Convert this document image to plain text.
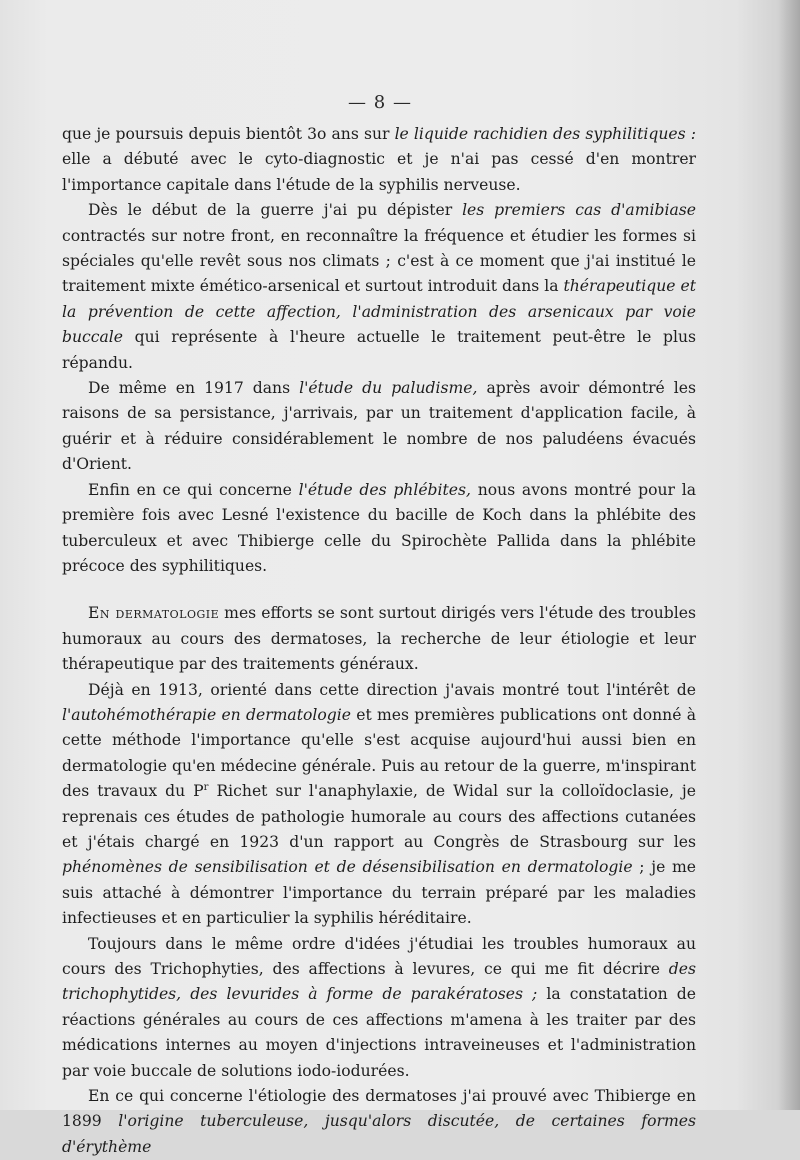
— 8 —

que je poursuis depuis bientôt 3o ans sur le liquide rachidien des syphilitiques : elle a débuté avec le cyto-diagnostic et je n'ai pas cessé d'en montrer l'importance capitale dans l'étude de la syphilis nerveuse.

Dès le début de la guerre j'ai pu dépister les premiers cas d'amibiase contractés sur notre front, en reconnaître la fréquence et étudier les formes si spéciales qu'elle revêt sous nos climats ; c'est à ce moment que j'ai institué le traitement mixte émético-arsenical et surtout introduit dans la thérapeutique et la prévention de cette affection, l'administration des arsenicaux par voie buccale qui représente à l'heure actuelle le traitement peut-être le plus répandu.

De même en 1917 dans l'étude du paludisme, après avoir démontré les raisons de sa persistance, j'arrivais, par un traitement d'application facile, à guérir et à réduire considérablement le nombre de nos paludéens évacués d'Orient.

Enfin en ce qui concerne l'étude des phlébites, nous avons montré pour la première fois avec Lesné l'existence du bacille de Koch dans la phlébite des tuberculeux et avec Thibierge celle du Spirochète Pallida dans la phlébite précoce des syphilitiques.

En dermatologie mes efforts se sont surtout dirigés vers l'étude des troubles humoraux au cours des dermatoses, la recherche de leur étiologie et leur thérapeutique par des traitements généraux.

Déjà en 1913, orienté dans cette direction j'avais montré tout l'intérêt de l'autohémothérapie en dermatologie et mes premières publications ont donné à cette méthode l'importance qu'elle s'est acquise aujourd'hui aussi bien en dermatologie qu'en médecine générale. Puis au retour de la guerre, m'inspirant des travaux du $P^r$ Richet sur l'anaphylaxie, de Widal sur la colloïdoclasie, je reprenais ces études de pathologie humorale au cours des affections cutanées et j'étais chargé en 1923 d'un rapport au Congrès de Strasbourg sur les phénomènes de sensibilisation et de désensibilisation en dermatologie ; je me suis attaché à démontrer l'importance du terrain préparé par les maladies infectieuses et en particulier la syphilis héréditaire.

Toujours dans le même ordre d'idées j'étudiai les troubles humoraux au cours des Trichophyties, des affections à levures, ce qui me fit décrire des trichophytides, des levurides à forme de parakératoses ; la constatation de réactions générales au cours de ces affections m'amena à les traiter par des médications internes au moyen d'injections intraveineuses et l'administration par voie buccale de solutions iodo-iodurées.

En ce qui concerne l'étiologie des dermatoses j'ai prouvé avec Thibierge en 1899 l'origine tuberculeuse, jusqu'alors discutée, de certaines formes d'érythème
